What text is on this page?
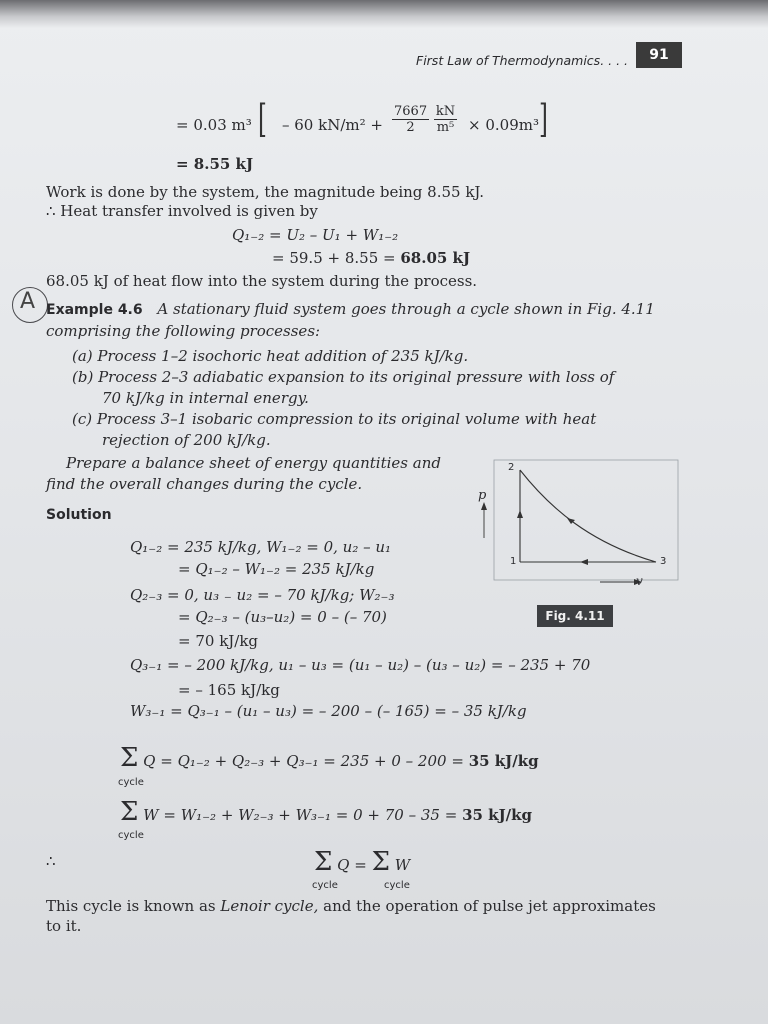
First Law of Thermodynamics. . . .	91
= 0.03 m³ [ – 60 $kN/m^2 + \frac{7667}{2}$
$\frac{kN}{\text{m⁵}} \times 0.09m^3$ ]
= 8.55 kJ
Work is done by the system, the magnitude being 8.55 kJ.
∴ Heat transfer involved is given by
Q₁₋₂ = U₂ – U₁ + W₁₋₂
= 59.5 + 8.55 = 68.05 kJ
68.05 kJ of heat flow into the system during the process.
A Example 4.6 A stationary fluid system goes through a cycle shown in Fig. 4.11
comprising the following processes:
(a) Process 1–2 isochoric heat addition of 235 kJ/kg.
(b) Process 2–3 adiabatic expansion to its original pressure with loss of
70 kJ/kg in internal energy.
(c) Process 3–1 isobaric compression to its original volume with heat
rejection of 200 kJ/kg.
Prepare a balance sheet of energy quantities and
find the overall changes during the cycle.
Solution
Q₁₋₂ = 235 kJ/kg, W₁₋₂ = 0, u₂ – u₁
= Q₁₋₂ – W₁₋₂ = 235 kJ/kg
Q₂₋₃ = 0, u₃ ₋ u₂ = – 70 kJ/kg; W₂₋₃
= Q₂₋₃ – (u₃–u₂) = 0 – (– 70)
= 70 kJ/kg
Q₃₋₁ = – 200 kJ/kg, u₁ – u₃ = (u₁ – u₂) – (u₃ – u₂) = – 235 + 70
= – 165 kJ/kg
W₃₋₁ = Q₃₋₁ – (u₁ – u₃) = – 200 – (– 165) = – 35 kJ/kg
Σ Q = Q₁₋₂ + Q₂₋₃ + Q₃₋₁ = 235 + 0 – 200 = 35 kJ/kg
cycle
Σ W = W₁₋₂ + W₂₋₃ + W₃₋₁ = 0 + 70 – 35 = 35 kJ/kg
cycle
∴	Σ Q = Σ W
cycle	cycle
This cycle is known as Lenoir cycle, and the operation of pulse jet approximates
to it.
p
v
2
1	3
Fig. 4.11
